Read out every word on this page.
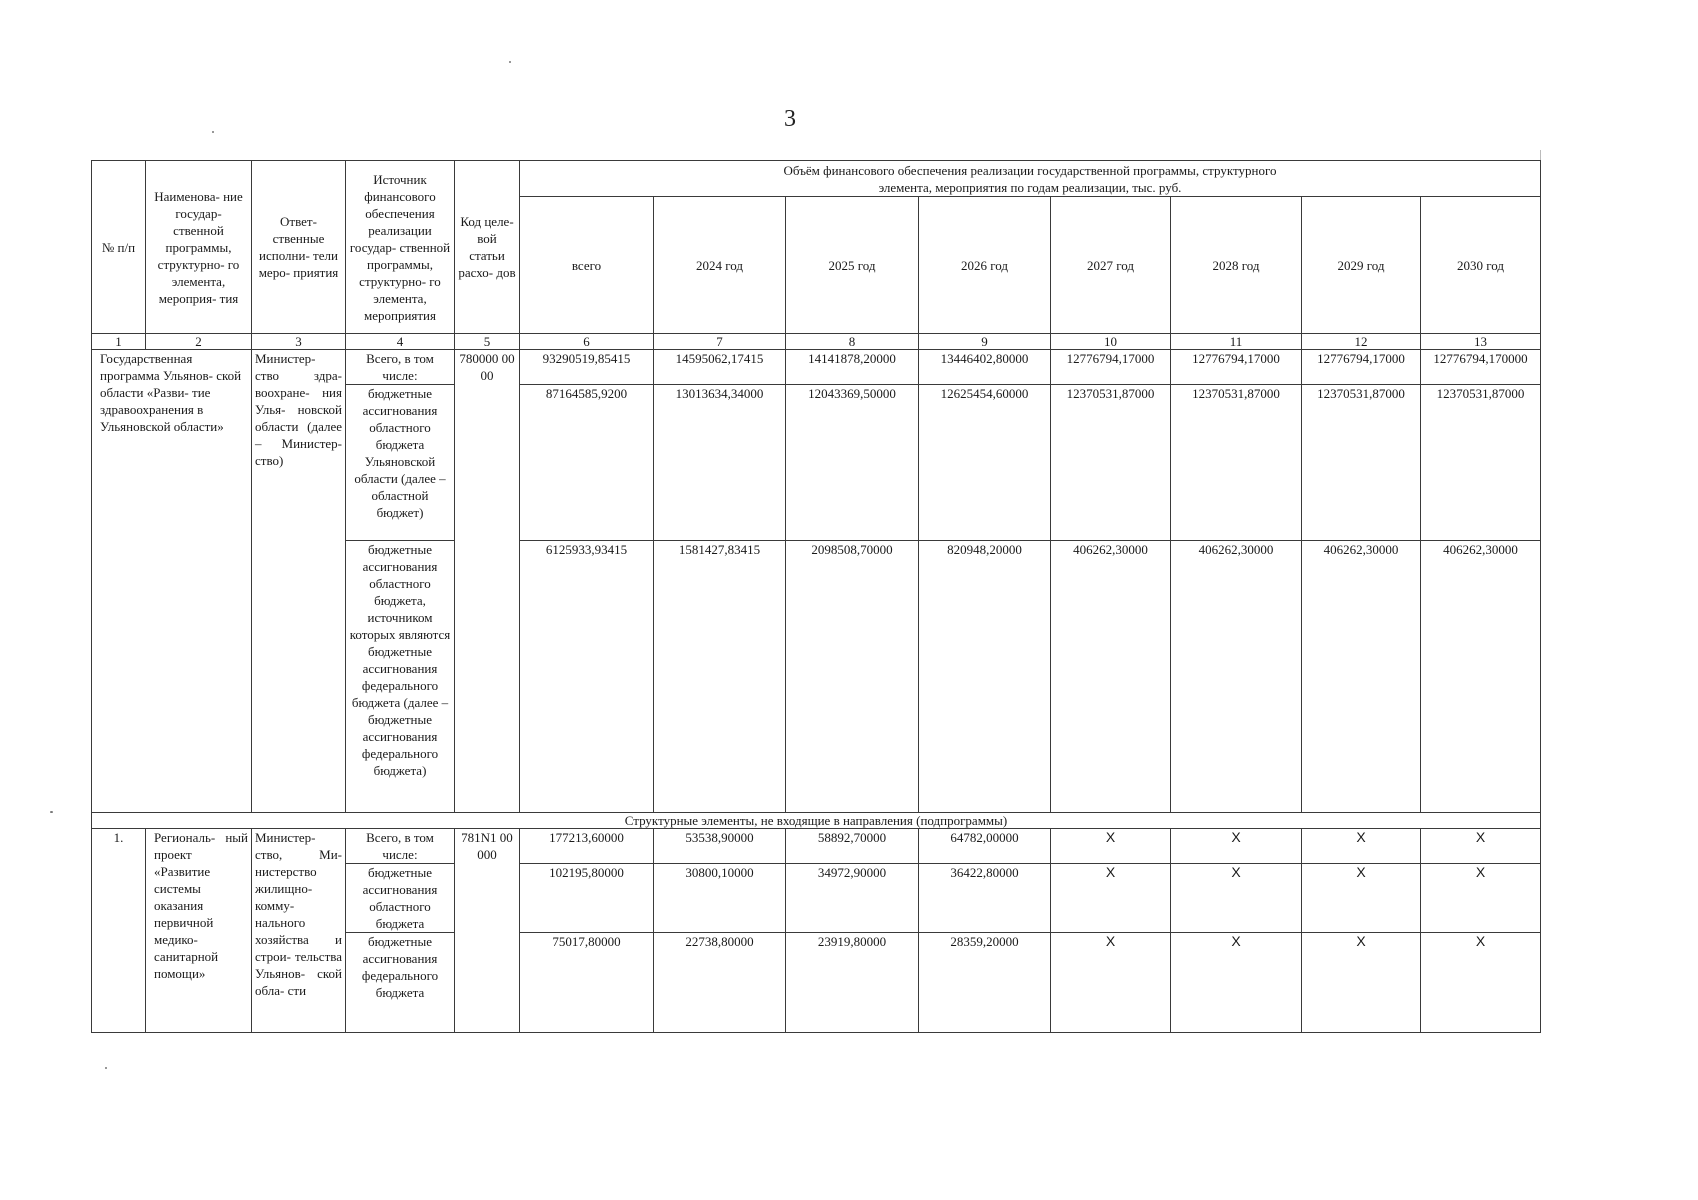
3
№ п/п	Наименова- ние государ- ственной программы, структурно- го элемента, мероприя- тия	Ответ- ственные исполни- тели меро- приятия	Источник финансового обеспечения реализации государ- ственной программы, структурно- го элемента, мероприятия	Код целе- вой статьи расхо- дов	Объём финансового обеспечения реализации государственной программы, структурного элемента, мероприятия по годам реализации, тыс. руб.							
					всего	2024 год	2025 год	2026 год	2027 год	2028 год	2029 год	2030 год
1	2	3	4	5	6	7	8	9	10	11	12	13
Государственная программа Ульянов- ской области «Разви- тие здравоохранения в Ульяновской области»		Министер- ство здра- воохране- ния Улья- новской области (далее – Министер- ство)	Всего, в том числе:	780000 0000	93290519,85415	14595062,17415	14141878,20000	13446402,80000	12776794,17000	12776794,17000	12776794,17000	12776794,170000
			бюджетные ассигнования областного бюджета Ульяновской области (далее – областной бюджет)		87164585,9200	13013634,34000	12043369,50000	12625454,60000	12370531,87000	12370531,87000	12370531,87000	12370531,87000
			бюджетные ассигнования областного бюджета, источником которых являются бюджетные ассигнования федерального бюджета (далее – бюджетные ассигнования федерального бюджета)		6125933,93415	1581427,83415	2098508,70000	820948,20000	406262,30000	406262,30000	406262,30000	406262,30000
Структурные элементы, не входящие в направления (подпрограммы)												
1.	Региональ- ный проект «Развитие системы оказания первичной медико- санитарной помощи»	Министер- ство, Ми- нистерство жилищно- комму- нального хозяйства и строи- тельства Ульянов- ской обла- сти	Всего, в том числе:	781N1 00000	177213,60000	53538,90000	58892,70000	64782,00000	X	X	X	X
			бюджетные ассигнования областного бюджета		102195,80000	30800,10000	34972,90000	36422,80000	X	X	X	X
			бюджетные ассигнования федерального бюджета		75017,80000	22738,80000	23919,80000	28359,20000	X	X	X	X
